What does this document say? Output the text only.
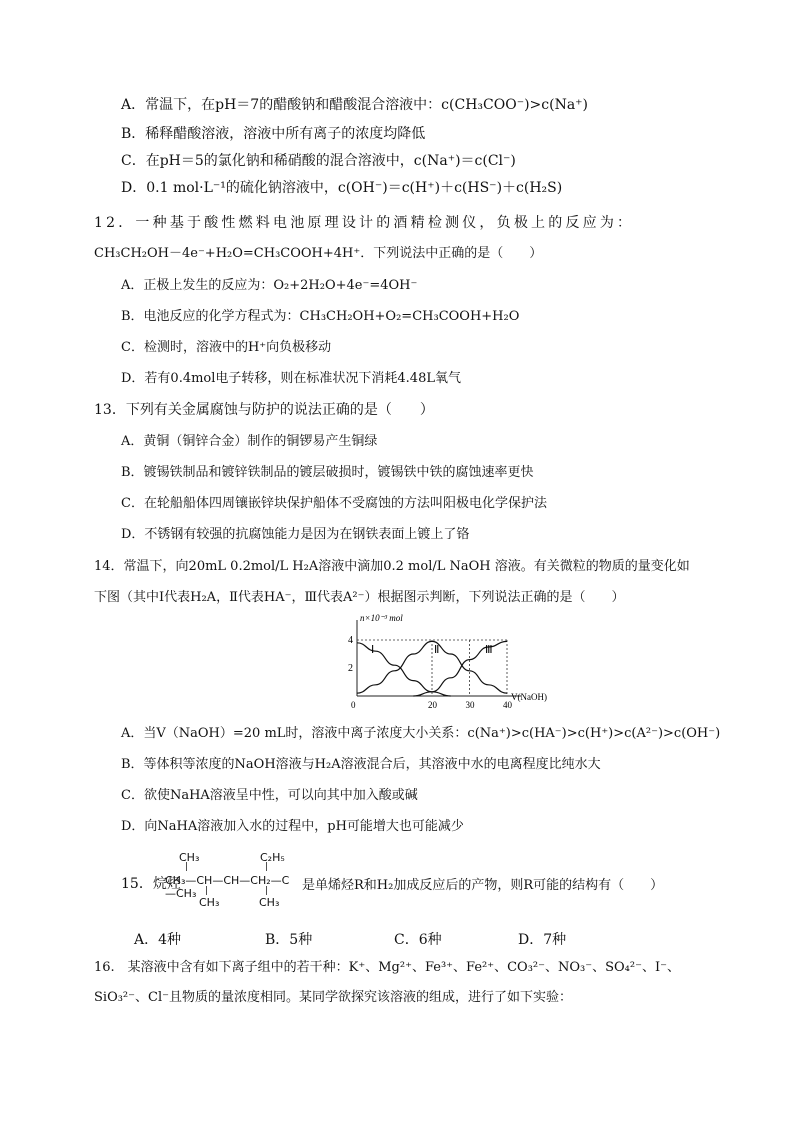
A．常温下，在pH＝7的醋酸钠和醋酸混合溶液中：c(CH₃COO⁻)>c(Na⁺)
B．稀释醋酸溶液，溶液中所有离子的浓度均降低
C．在pH＝5的氯化钠和稀硝酸的混合溶液中，c(Na⁺)＝c(Cl⁻)
D．0.1 mol·L⁻¹的硫化钠溶液中，c(OH⁻)＝c(H⁺)＋c(HS⁻)＋c(H₂S)
12．一种基于酸性燃料电池原理设计的酒精检测仪，负极上的反应为：
CH₃CH₂OH－4e⁻+H₂O=CH₃COOH+4H⁺．下列说法中正确的是（　　）
A．正极上发生的反应为：O₂+2H₂O+4e⁻=4OH⁻
B．电池反应的化学方程式为：CH₃CH₂OH+O₂=CH₃COOH+H₂O
C．检测时，溶液中的H⁺向负极移动
D．若有0.4mol电子转移，则在标准状况下消耗4.48L氧气
13．下列有关金属腐蚀与防护的说法正确的是（　　）
A．黄铜（铜锌合金）制作的铜锣易产生铜绿
B．镀锡铁制品和镀锌铁制品的镀层破损时，镀锡铁中铁的腐蚀速率更快
C．在轮船船体四周镶嵌锌块保护船体不受腐蚀的方法叫阳极电化学保护法
D．不锈钢有较强的抗腐蚀能力是因为在钢铁表面上镀上了铬
14．常温下，向20mL 0.2mol/L H₂A溶液中滴加0.2 mol/L NaOH 溶液。有关微粒的物质的量变化如
下图（其中Ⅰ代表H₂A，Ⅱ代表HA⁻，Ⅲ代表A²⁻）根据图示判断，下列说法正确的是（　　）
Ⅰ	Ⅱ	Ⅲ
n×10⁻³ mol
V(NaOH)
0	20	30	40
4
2
A．当V（NaOH）=20 mL时，溶液中离子浓度大小关系：c(Na⁺)>c(HA⁻)>c(H⁺)>c(A²⁻)>c(OH⁻)
B．等体积等浓度的NaOH溶液与H₂A溶液混合后，其溶液中水的电离程度比纯水大
C．欲使NaHA溶液呈中性，可以向其中加入酸或碱
D．向NaHA溶液加入水的过程中，pH可能增大也可能减少
15．烷烃
CH₃	C₂H₅
|	|
CH₃—CH—CH—CH₂—C—CH₃ |	|
CH₃	CH₃
是单烯烃R和H₂加成反应后的产物，则R可能的结构有（　　）
A．4种	B．5种	C．6种	D．7种
16.　某溶液中含有如下离子组中的若干种：K⁺、Mg²⁺、Fe³⁺、Fe²⁺、CO₃²⁻、NO₃⁻、SO₄²⁻、I⁻、
SiO₃²⁻、Cl⁻且物质的量浓度相同。某同学欲探究该溶液的组成，进行了如下实验：
